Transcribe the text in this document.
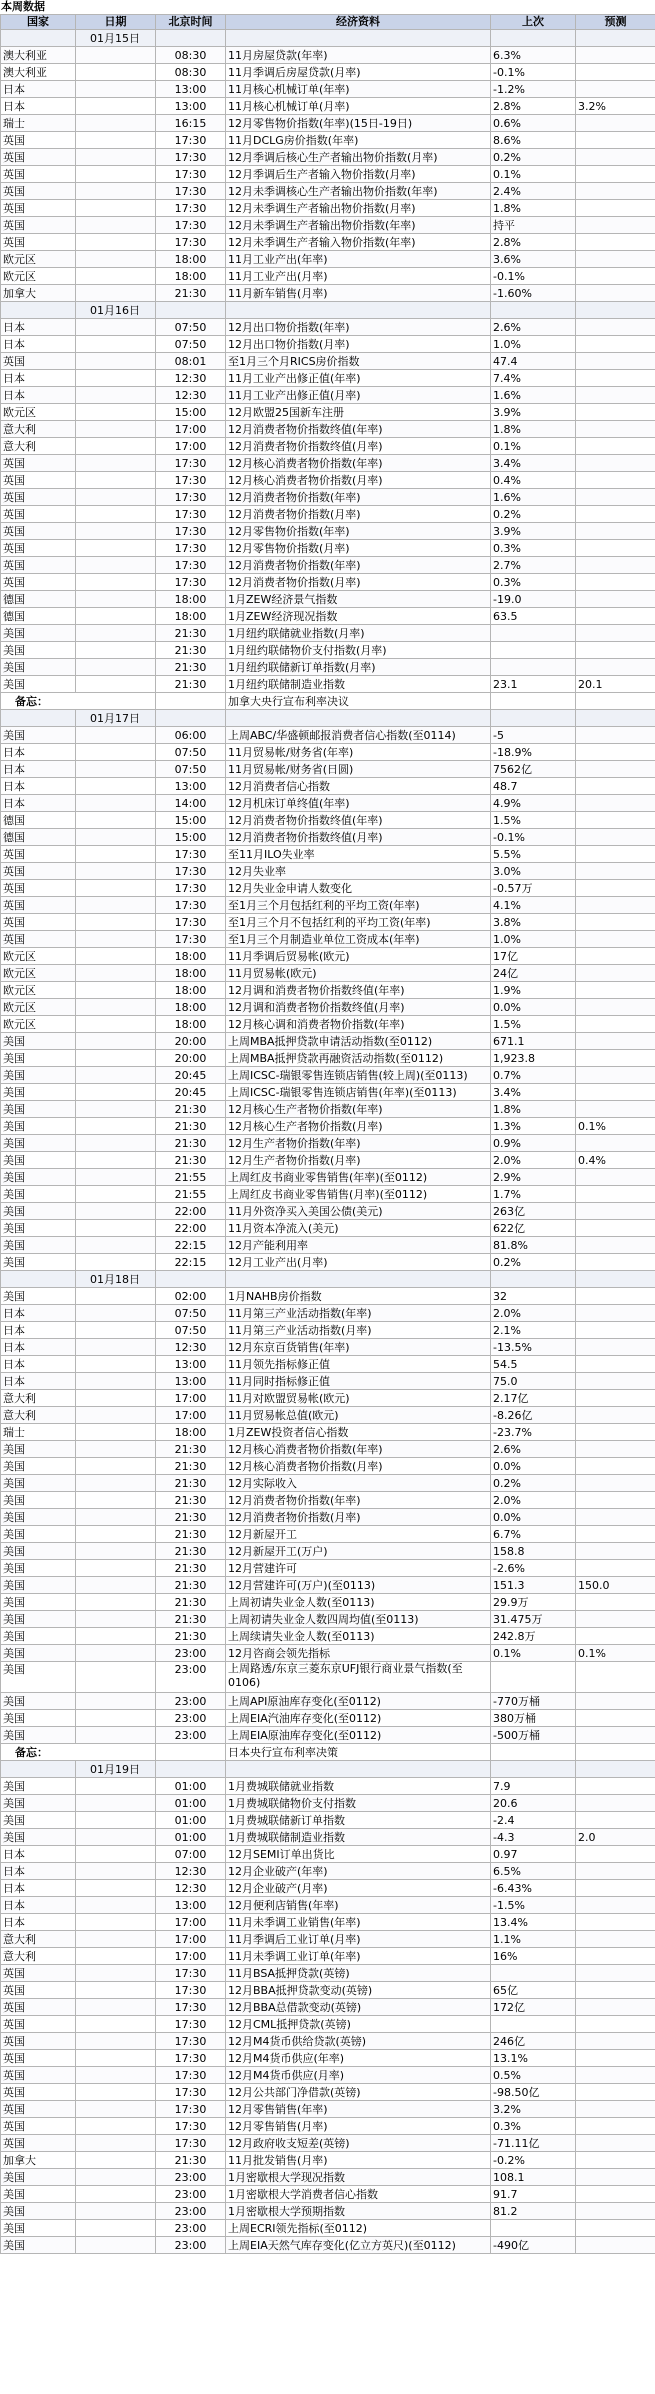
本周数据
国家	日期	北京时间	经济资料	上次	预测
	01月15日				
澳大利亚		08:30	11月房屋贷款(年率)	6.3%	
澳大利亚		08:30	11月季调后房屋贷款(月率)	-0.1%	
日本		13:00	11月核心机械订单(年率)	-1.2%	
日本		13:00	11月核心机械订单(月率)	2.8%	3.2%
瑞士		16:15	12月零售物价指数(年率)(15日-19日)	0.6%	
英国		17:30	11月DCLG房价指数(年率)	8.6%	
英国		17:30	12月季调后核心生产者输出物价指数(月率)	0.2%	
英国		17:30	12月季调后生产者输入物价指数(月率)	0.1%	
英国		17:30	12月未季调核心生产者输出物价指数(年率)	2.4%	
英国		17:30	12月未季调生产者输出物价指数(月率)	1.8%	
英国		17:30	12月未季调生产者输出物价指数(年率)	持平	
英国		17:30	12月未季调生产者输入物价指数(年率)	2.8%	
欧元区		18:00	11月工业产出(年率)	3.6%	
欧元区		18:00	11月工业产出(月率)	-0.1%	
加拿大		21:30	11月新车销售(月率)	-1.60%	
	01月16日				
日本		07:50	12月出口物价指数(年率)	2.6%	
日本		07:50	12月出口物价指数(月率)	1.0%	
英国		08:01	至1月三个月RICS房价指数	47.4	
日本		12:30	11月工业产出修正值(年率)	7.4%	
日本		12:30	11月工业产出修正值(月率)	1.6%	
欧元区		15:00	12月欧盟25国新车注册	3.9%	
意大利		17:00	12月消费者物价指数终值(年率)	1.8%	
意大利		17:00	12月消费者物价指数终值(月率)	0.1%	
英国		17:30	12月核心消费者物价指数(年率)	3.4%	
英国		17:30	12月核心消费者物价指数(月率)	0.4%	
英国		17:30	12月消费者物价指数(年率)	1.6%	
英国		17:30	12月消费者物价指数(月率)	0.2%	
英国		17:30	12月零售物价指数(年率)	3.9%	
英国		17:30	12月零售物价指数(月率)	0.3%	
英国		17:30	12月消费者物价指数(年率)	2.7%	
英国		17:30	12月消费者物价指数(月率)	0.3%	
德国		18:00	1月ZEW经济景气指数	-19.0	
德国		18:00	1月ZEW经济现况指数	63.5	
美国		21:30	1月纽约联储就业指数(月率)		
美国		21:30	1月纽约联储物价支付指数(月率)		
美国		21:30	1月纽约联储新订单指数(月率)		
美国		21:30	1月纽约联储制造业指数	23.1	20.1
备忘：			加拿大央行宣布利率决议		
	01月17日				
美国		06:00	上周ABC/华盛顿邮报消费者信心指数(至0114)	-5	
日本		07:50	11月贸易帐/财务省(年率)	-18.9%	
日本		07:50	11月贸易帐/财务省(日圆)	7562亿	
日本		13:00	12月消费者信心指数	48.7	
日本		14:00	12月机床订单终值(年率)	4.9%	
德国		15:00	12月消费者物价指数终值(年率)	1.5%	
德国		15:00	12月消费者物价指数终值(月率)	-0.1%	
英国		17:30	至11月ILO失业率	5.5%	
英国		17:30	12月失业率	3.0%	
英国		17:30	12月失业金申请人数变化	-0.57万	
英国		17:30	至1月三个月包括红利的平均工资(年率)	4.1%	
英国		17:30	至1月三个月不包括红利的平均工资(年率)	3.8%	
英国		17:30	至1月三个月制造业单位工资成本(年率)	1.0%	
欧元区		18:00	11月季调后贸易帐(欧元)	17亿	
欧元区		18:00	11月贸易帐(欧元)	24亿	
欧元区		18:00	12月调和消费者物价指数终值(年率)	1.9%	
欧元区		18:00	12月调和消费者物价指数终值(月率)	0.0%	
欧元区		18:00	12月核心调和消费者物价指数(年率)	1.5%	
美国		20:00	上周MBA抵押贷款申请活动指数(至0112)	671.1	
美国		20:00	上周MBA抵押贷款再融资活动指数(至0112)	1,923.8	
美国		20:45	上周ICSC-瑞银零售连锁店销售(较上周)(至0113)	0.7%	
美国		20:45	上周ICSC-瑞银零售连锁店销售(年率)(至0113)	3.4%	
美国		21:30	12月核心生产者物价指数(年率)	1.8%	
美国		21:30	12月核心生产者物价指数(月率)	1.3%	0.1%
美国		21:30	12月生产者物价指数(年率)	0.9%	
美国		21:30	12月生产者物价指数(月率)	2.0%	0.4%
美国		21:55	上周红皮书商业零售销售(年率)(至0112)	2.9%	
美国		21:55	上周红皮书商业零售销售(月率)(至0112)	1.7%	
美国		22:00	11月外资净买入美国公债(美元)	263亿	
美国		22:00	11月资本净流入(美元)	622亿	
美国		22:15	12月产能利用率	81.8%	
美国		22:15	12月工业产出(月率)	0.2%	
	01月18日				
美国		02:00	1月NAHB房价指数	32	
日本		07:50	11月第三产业活动指数(年率)	2.0%	
日本		07:50	11月第三产业活动指数(月率)	2.1%	
日本		12:30	12月东京百货销售(年率)	-13.5%	
日本		13:00	11月领先指标修正值	54.5	
日本		13:00	11月同时指标修正值	75.0	
意大利		17:00	11月对欧盟贸易帐(欧元)	2.17亿	
意大利		17:00	11月贸易帐总值(欧元)	-8.26亿	
瑞士		18:00	1月ZEW投资者信心指数	-23.7%	
美国		21:30	12月核心消费者物价指数(年率)	2.6%	
美国		21:30	12月核心消费者物价指数(月率)	0.0%	
美国		21:30	12月实际收入	0.2%	
美国		21:30	12月消费者物价指数(年率)	2.0%	
美国		21:30	12月消费者物价指数(月率)	0.0%	
美国		21:30	12月新屋开工	6.7%	
美国		21:30	12月新屋开工(万户)	158.8	
美国		21:30	12月营建许可	-2.6%	
美国		21:30	12月营建许可(万户)(至0113)	151.3	150.0
美国		21:30	上周初请失业金人数(至0113)	29.9万	
美国		21:30	上周初请失业金人数四周均值(至0113)	31.475万	
美国		21:30	上周续请失业金人数(至0113)	242.8万	
美国		23:00	12月咨商会领先指标	0.1%	0.1%
美国		23:00	上周路透/东京三菱东京UFJ银行商业景气指数(至0106)		
美国		23:00	上周API原油库存变化(至0112)	-770万桶	
美国		23:00	上周EIA汽油库存变化(至0112)	380万桶	
美国		23:00	上周EIA原油库存变化(至0112)	-500万桶	
备忘：			日本央行宣布利率决策		
	01月19日				
美国		01:00	1月费城联储就业指数	7.9	
美国		01:00	1月费城联储物价支付指数	20.6	
美国		01:00	1月费城联储新订单指数	-2.4	
美国		01:00	1月费城联储制造业指数	-4.3	2.0
日本		07:00	12月SEMI订单出货比	0.97	
日本		12:30	12月企业破产(年率)	6.5%	
日本		12:30	12月企业破产(月率)	-6.43%	
日本		13:00	12月便利店销售(年率)	-1.5%	
日本		17:00	11月未季调工业销售(年率)	13.4%	
意大利		17:00	11月季调后工业订单(月率)	1.1%	
意大利		17:00	11月未季调工业订单(年率)	16%	
英国		17:30	11月BSA抵押贷款(英镑)		
英国		17:30	12月BBA抵押贷款变动(英镑)	65亿	
英国		17:30	12月BBA总借款变动(英镑)	172亿	
英国		17:30	12月CML抵押贷款(英镑)		
英国		17:30	12月M4货币供给贷款(英镑)	246亿	
英国		17:30	12月M4货币供应(年率)	13.1%	
英国		17:30	12月M4货币供应(月率)	0.5%	
英国		17:30	12月公共部门净借款(英镑)	-98.50亿	
英国		17:30	12月零售销售(年率)	3.2%	
英国		17:30	12月零售销售(月率)	0.3%	
英国		17:30	12月政府收支短差(英镑)	-71.11亿	
加拿大		21:30	11月批发销售(月率)	-0.2%	
美国		23:00	1月密歇根大学现况指数	108.1	
美国		23:00	1月密歇根大学消费者信心指数	91.7	
美国		23:00	1月密歇根大学预期指数	81.2	
美国		23:00	上周ECRI领先指标(至0112)		
美国		23:00	上周EIA天然气库存变化(亿立方英尺)(至0112)	-490亿	
